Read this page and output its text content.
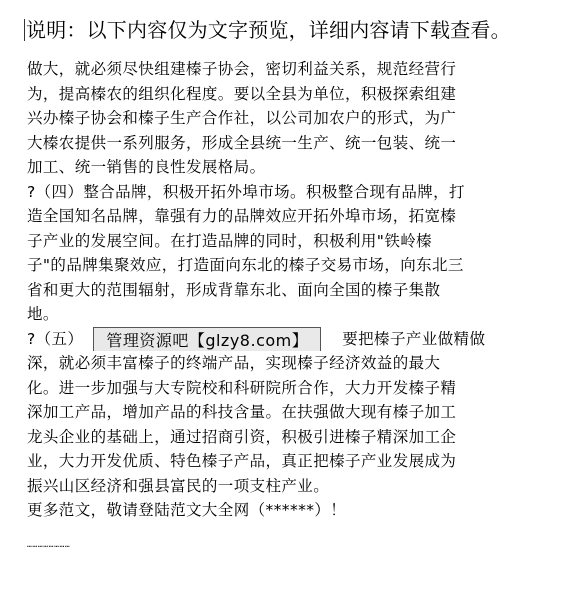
说明：以下内容仅为文字预览，详细内容请下载查看。
做大，就必须尽快组建榛子协会，密切利益关系，规范经营行
为，提高榛农的组织化程度。要以全县为单位，积极探索组建
兴办榛子协会和榛子生产合作社，以公司加农户的形式，为广
大榛农提供一系列服务，形成全县统一生产、统一包装、统一
加工、统一销售的良性发展格局。
?（四）整合品牌，积极开拓外埠市场。积极整合现有品牌，打
造全国知名品牌，靠强有力的品牌效应开拓外埠市场，拓宽榛
子产业的发展空间。在打造品牌的同时，积极利用"铁岭榛
子"的品牌集聚效应，打造面向东北的榛子交易市场，向东北三
省和更大的范围辐射，形成背靠东北、面向全国的榛子集散
地。
?（五） 管理资源吧【glzy8.com】 要把榛子产业做精做
深，就必须丰富榛子的终端产品，实现榛子经济效益的最大
化。进一步加强与大专院校和科研院所合作，大力开发榛子精
深加工产品，增加产品的科技含量。在扶强做大现有榛子加工
龙头企业的基础上，通过招商引资，积极引进榛子精深加工企
业，大力开发优质、特色榛子产品，真正把榛子产业发展成为
振兴山区经济和强县富民的一项支柱产业。
更多范文，敬请登陆范文大全网（******）！
……………………
